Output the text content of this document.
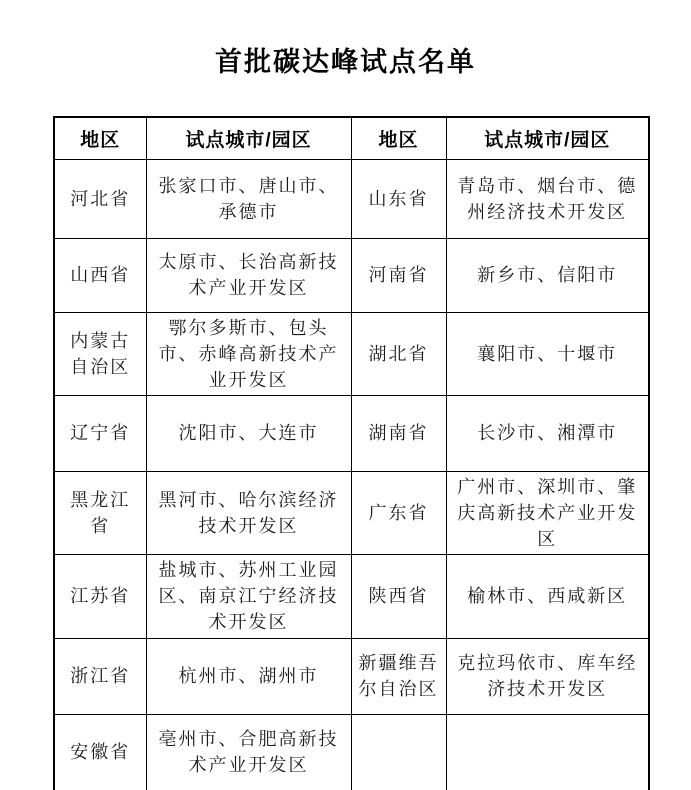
首批碳达峰试点名单
地区	试点城市/园区	地区	试点城市/园区
河北省	张家口市、唐山市、承德市	山东省	青岛市、烟台市、德州经济技术开发区
山西省	太原市、长治高新技术产业开发区	河南省	新乡市、信阳市
内蒙古自治区	鄂尔多斯市、包头市、赤峰高新技术产业开发区	湖北省	襄阳市、十堰市
辽宁省	沈阳市、大连市	湖南省	长沙市、湘潭市
黑龙江省	黑河市、哈尔滨经济技术开发区	广东省	广州市、深圳市、肇庆高新技术产业开发区
江苏省	盐城市、苏州工业园区、南京江宁经济技术开发区	陕西省	榆林市、西咸新区
浙江省	杭州市、湖州市	新疆维吾尔自治区	克拉玛依市、库车经济技术开发区
安徽省	亳州市、合肥高新技术产业开发区		
